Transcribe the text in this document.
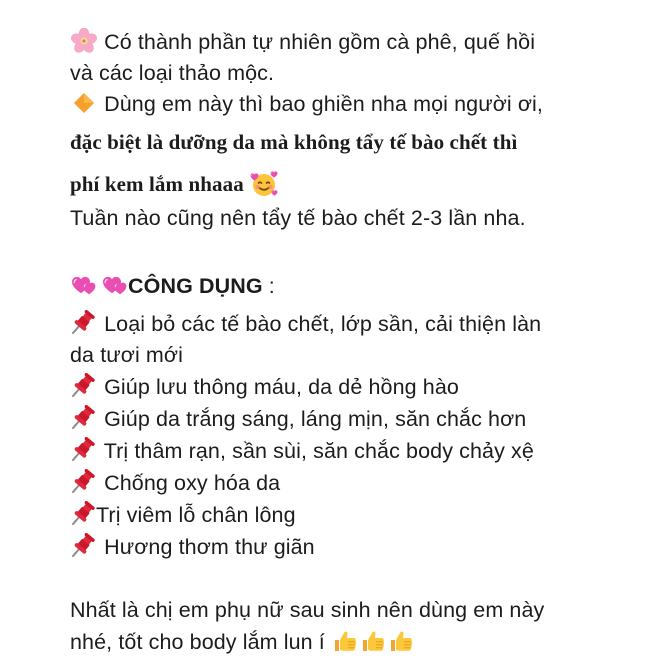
Có thành phần tự nhiên gồm cà phê, quế hồi
và các loại thảo mộc.
Dùng em này thì bao ghiền nha mọi người ơi,
đặc biệt là dưỡng da mà không tẩy tế bào chết thì
phí kem lắm nhaaa
Tuần nào cũng nên tẩy tế bào chết 2-3 lần nha.
CÔNG DỤNG :
Loại bỏ các tế bào chết, lớp sần, cải thiện làn
da tươi mới
Giúp lưu thông máu, da dẻ hồng hào
Giúp da trắng sáng, láng mịn, săn chắc hơn
Trị thâm rạn, sần sùi, săn chắc body chảy xệ
Chống oxy hóa da
Trị viêm lỗ chân lông
Hương thơm thư giãn
Nhất là chị em phụ nữ sau sinh nên dùng em này
nhé, tốt cho body lắm lun í
